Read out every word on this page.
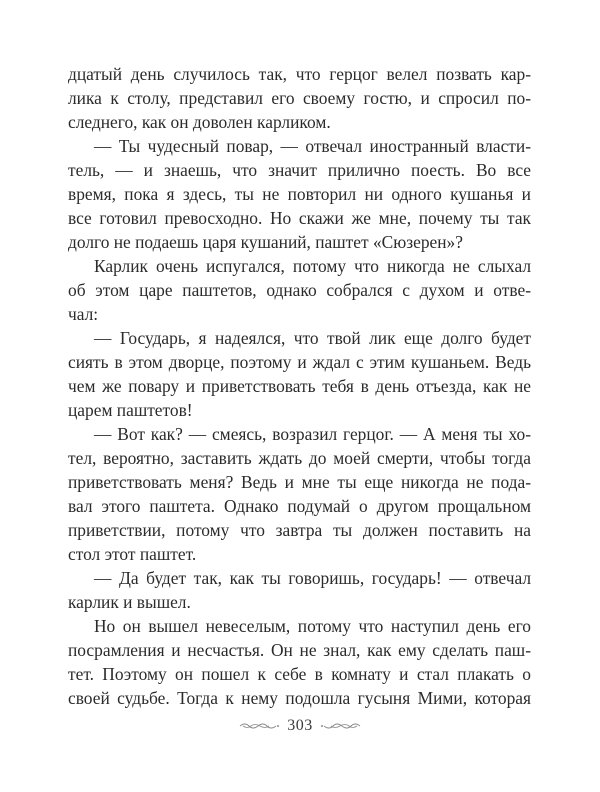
дцатый день случилось так, что герцог велел позвать кар-
лика к столу, представил его своему гостю, и спросил по-
следнего, как он доволен карликом.
— Ты чудесный повар, — отвечал иностранный власти-
тель, — и знаешь, что значит прилично поесть. Во все
время, пока я здесь, ты не повторил ни одного кушанья и
все готовил превосходно. Но скажи же мне, почему ты так
долго не подаешь царя кушаний, паштет «Сюзерен»?
Карлик очень испугался, потому что никогда не слыхал
об этом царе паштетов, однако собрался с духом и отве-
чал:
— Государь, я надеялся, что твой лик еще долго будет
сиять в этом дворце, поэтому и ждал с этим кушаньем. Ведь
чем же повару и приветствовать тебя в день отъезда, как не
царем паштетов!
— Вот как? — смеясь, возразил герцог. — А меня ты хо-
тел, вероятно, заставить ждать до моей смерти, чтобы тогда
приветствовать меня? Ведь и мне ты еще никогда не пода-
вал этого паштета. Однако подумай о другом прощальном
приветствии, потому что завтра ты должен поставить на
стол этот паштет.
— Да будет так, как ты говоришь, государь! — отвечал
карлик и вышел.
Но он вышел невеселым, потому что наступил день его
посрамления и несчастья. Он не знал, как ему сделать паш-
тет. Поэтому он пошел к себе в комнату и стал плакать о
своей судьбе. Тогда к нему подошла гусыня Мими, которая
303
